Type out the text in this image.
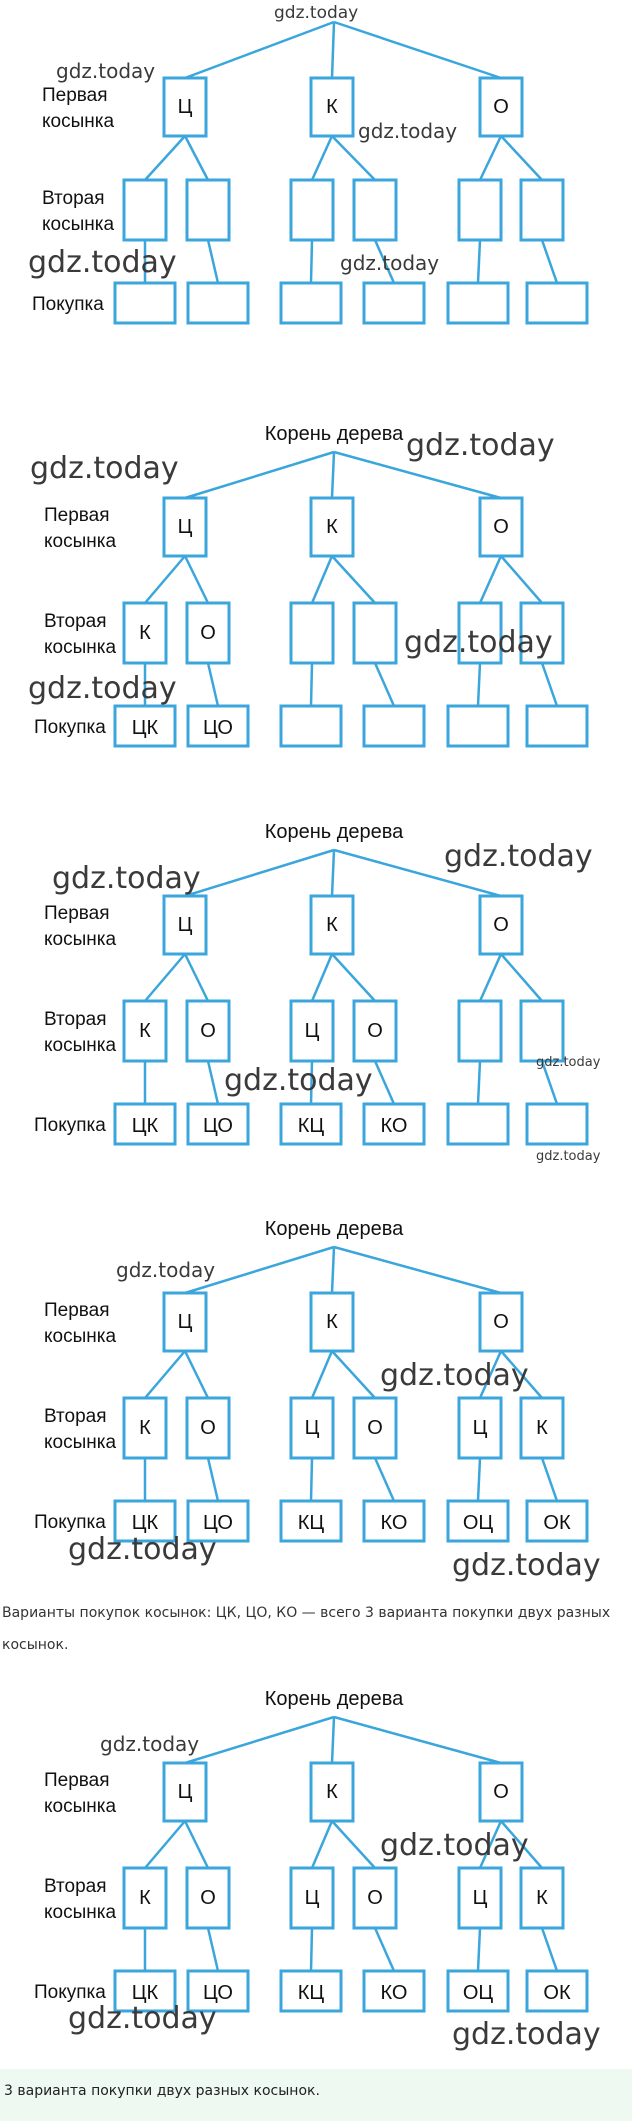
Первая
косынка
Вторая
косынка
Покупка
Ц	К	О
gdz.today
gdz.today
gdz.today
gdz.today	gdz.today
Корень дерева
Первая
косынка
Вторая
косынка
Покупка
Ц	К	О
К О
ЦК ЦО
gdz.today
gdz.today
gdz.today
gdz.today
Корень дерева
Первая
косынка
Вторая
косынка
Покупка
Ц	К	О
К О	Ц О
ЦК ЦО	КЦ	КО
gdz.today
gdz.today
gdz.today
gdz.today
gdz.today
Корень дерева
Первая
косынка
Вторая
косынка
Покупка
Ц	К	О
К О	Ц О	Ц К
ЦК ЦО	КЦ	КО	ОЦ	ОК
gdz.today
gdz.today
gdz.today	gdz.today

Варианты покупок косынок: ЦК, ЦО, КО — всего 3 варианта покупки двух разных косынок.

Корень дерева
Первая
косынка
Вторая
косынка
Покупка
Ц	К	О
К О	Ц О	Ц К
ЦК ЦО	КЦ	КО	ОЦ	ОК
gdz.today
gdz.today
gdz.today	gdz.today

3 варианта покупки двух разных косынок.
